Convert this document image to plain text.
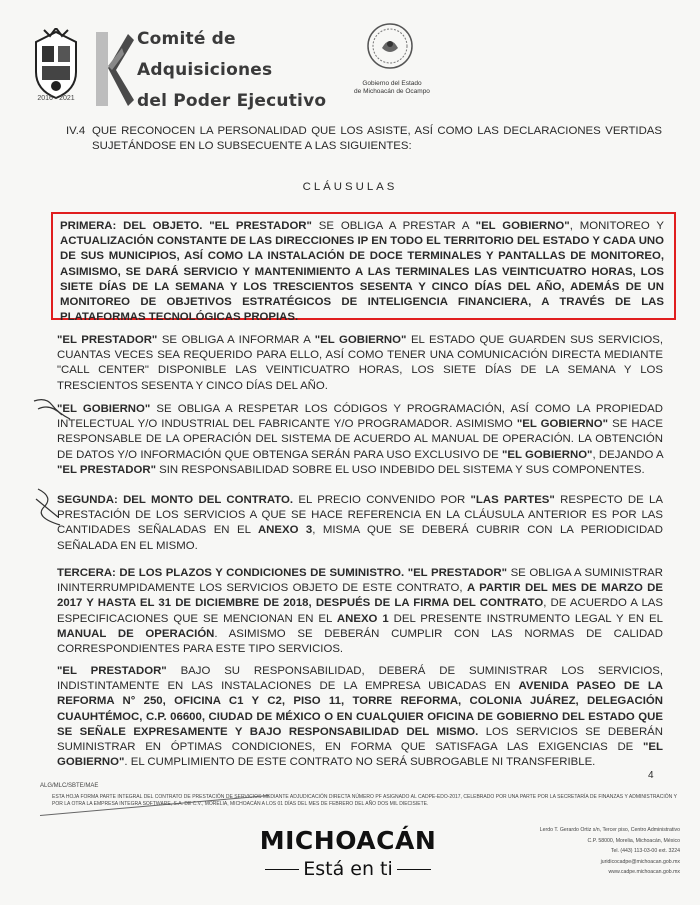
2016 - 2021
Comité de
Adquisiciones
del Poder Ejecutivo
Gobierno del Estado
de Michoacán de Ocampo
IV.4 QUE RECONOCEN LA PERSONALIDAD QUE LOS ASISTE, ASÍ COMO LAS DECLARACIONES VERTIDAS SUJETÁNDOSE EN LO SUBSECUENTE A LAS SIGUIENTES:
CLÁUSULAS
PRIMERA: DEL OBJETO. "EL PRESTADOR" SE OBLIGA A PRESTAR A "EL GOBIERNO", MONITOREO Y ACTUALIZACIÓN CONSTANTE DE LAS DIRECCIONES IP EN TODO EL TERRITORIO DEL ESTADO Y CADA UNO DE SUS MUNICIPIOS, ASÍ COMO LA INSTALACIÓN DE DOCE TERMINALES Y PANTALLAS DE MONITOREO, ASIMISMO, SE DARÁ SERVICIO Y MANTENIMIENTO A LAS TERMINALES LAS VEINTICUATRO HORAS, LOS SIETE DÍAS DE LA SEMANA Y LOS TRESCIENTOS SESENTA Y CINCO DÍAS DEL AÑO, ADEMÁS DE UN MONITOREO DE OBJETIVOS ESTRATÉGICOS DE INTELIGENCIA FINANCIERA, A TRAVÉS DE LAS PLATAFORMAS TECNOLÓGICAS PROPIAS.
"EL PRESTADOR" SE OBLIGA A INFORMAR A "EL GOBIERNO" EL ESTADO QUE GUARDEN SUS SERVICIOS, CUANTAS VECES SEA REQUERIDO PARA ELLO, ASÍ COMO TENER UNA COMUNICACIÓN DIRECTA MEDIANTE "CALL CENTER" DISPONIBLE LAS VEINTICUATRO HORAS, LOS SIETE DÍAS DE LA SEMANA Y LOS TRESCIENTOS SESENTA Y CINCO DÍAS DEL AÑO.
"EL GOBIERNO" SE OBLIGA A RESPETAR LOS CÓDIGOS Y PROGRAMACIÓN, ASÍ COMO LA PROPIEDAD INTELECTUAL Y/O INDUSTRIAL DEL FABRICANTE Y/O PROGRAMADOR. ASIMISMO "EL GOBIERNO" SE HACE RESPONSABLE DE LA OPERACIÓN DEL SISTEMA DE ACUERDO AL MANUAL DE OPERACIÓN. LA OBTENCIÓN DE DATOS Y/O INFORMACIÓN QUE OBTENGA SERÁN PARA USO EXCLUSIVO DE "EL GOBIERNO", DEJANDO A "EL PRESTADOR" SIN RESPONSABILIDAD SOBRE EL USO INDEBIDO DEL SISTEMA Y SUS COMPONENTES.
SEGUNDA: DEL MONTO DEL CONTRATO. EL PRECIO CONVENIDO POR "LAS PARTES" RESPECTO DE LA PRESTACIÓN DE LOS SERVICIOS A QUE SE HACE REFERENCIA EN LA CLÁUSULA ANTERIOR ES POR LAS CANTIDADES SEÑALADAS EN EL ANEXO 3, MISMA QUE SE DEBERÁ CUBRIR CON LA PERIODICIDAD SEÑALADA EN EL MISMO.
TERCERA: DE LOS PLAZOS Y CONDICIONES DE SUMINISTRO. "EL PRESTADOR" SE OBLIGA A SUMINISTRAR ININTERRUMPIDAMENTE LOS SERVICIOS OBJETO DE ESTE CONTRATO, A PARTIR DEL MES DE MARZO DE 2017 Y HASTA EL 31 DE DICIEMBRE DE 2018, DESPUÉS DE LA FIRMA DEL CONTRATO, DE ACUERDO A LAS ESPECIFICACIONES QUE SE MENCIONAN EN EL ANEXO 1 DEL PRESENTE INSTRUMENTO LEGAL Y EN EL MANUAL DE OPERACIÓN. ASIMISMO SE DEBERÁN CUMPLIR CON LAS NORMAS DE CALIDAD CORRESPONDIENTES PARA ESTE TIPO SERVICIOS.
"EL PRESTADOR" BAJO SU RESPONSABILIDAD, DEBERÁ DE SUMINISTRAR LOS SERVICIOS, INDISTINTAMENTE EN LAS INSTALACIONES DE LA EMPRESA UBICADAS EN AVENIDA PASEO DE LA REFORMA N° 250, OFICINA C1 Y C2, PISO 11, TORRE REFORMA, COLONIA JUÁREZ, DELEGACIÓN CUAUHTÉMOC, C.P. 06600, CIUDAD DE MÉXICO O EN CUALQUIER OFICINA DE GOBIERNO DEL ESTADO QUE SE SEÑALE EXPRESAMENTE Y BAJO RESPONSABILIDAD DEL MISMO. LOS SERVICIOS SE DEBERÁN SUMINISTRAR EN ÓPTIMAS CONDICIONES, EN FORMA QUE SATISFAGA LAS EXIGENCIAS DE "EL GOBIERNO". EL CUMPLIMIENTO DE ESTE CONTRATO NO SERÁ SUBROGABLE NI TRANSFERIBLE.
4
ALG/MLC/SBTE/MAE
ESTA HOJA FORMA PARTE INTEGRAL DEL CONTRATO DE PRESTACIÓN DE SERVICIOS MEDIANTE ADJUDICACIÓN DIRECTA NÚMERO PF ASIGNADO AL CADPE-EDO-2017, CELEBRADO POR UNA PARTE POR LA SECRETARÍA DE FINANZAS Y ADMINISTRACIÓN Y POR LA OTRA LA EMPRESA INTEGRA SOFTWARE, S.A. DE C.V., MORELIA, MICHOACÁN A LOS 01 DÍAS DEL MES DE FEBRERO DEL AÑO DOS MIL DIECISIETE.
MICHOACÁN
Está en ti
Lerdo T. Gerardo Ortiz s/n, Tercer piso, Centro Administrativo
C.P. 58000, Morelia, Michoacán, México
Tel. (443) 113-03-00 ext. 3224
juridicocadpe@michoacan.gob.mx
www.cadpe.michoacan.gob.mx
